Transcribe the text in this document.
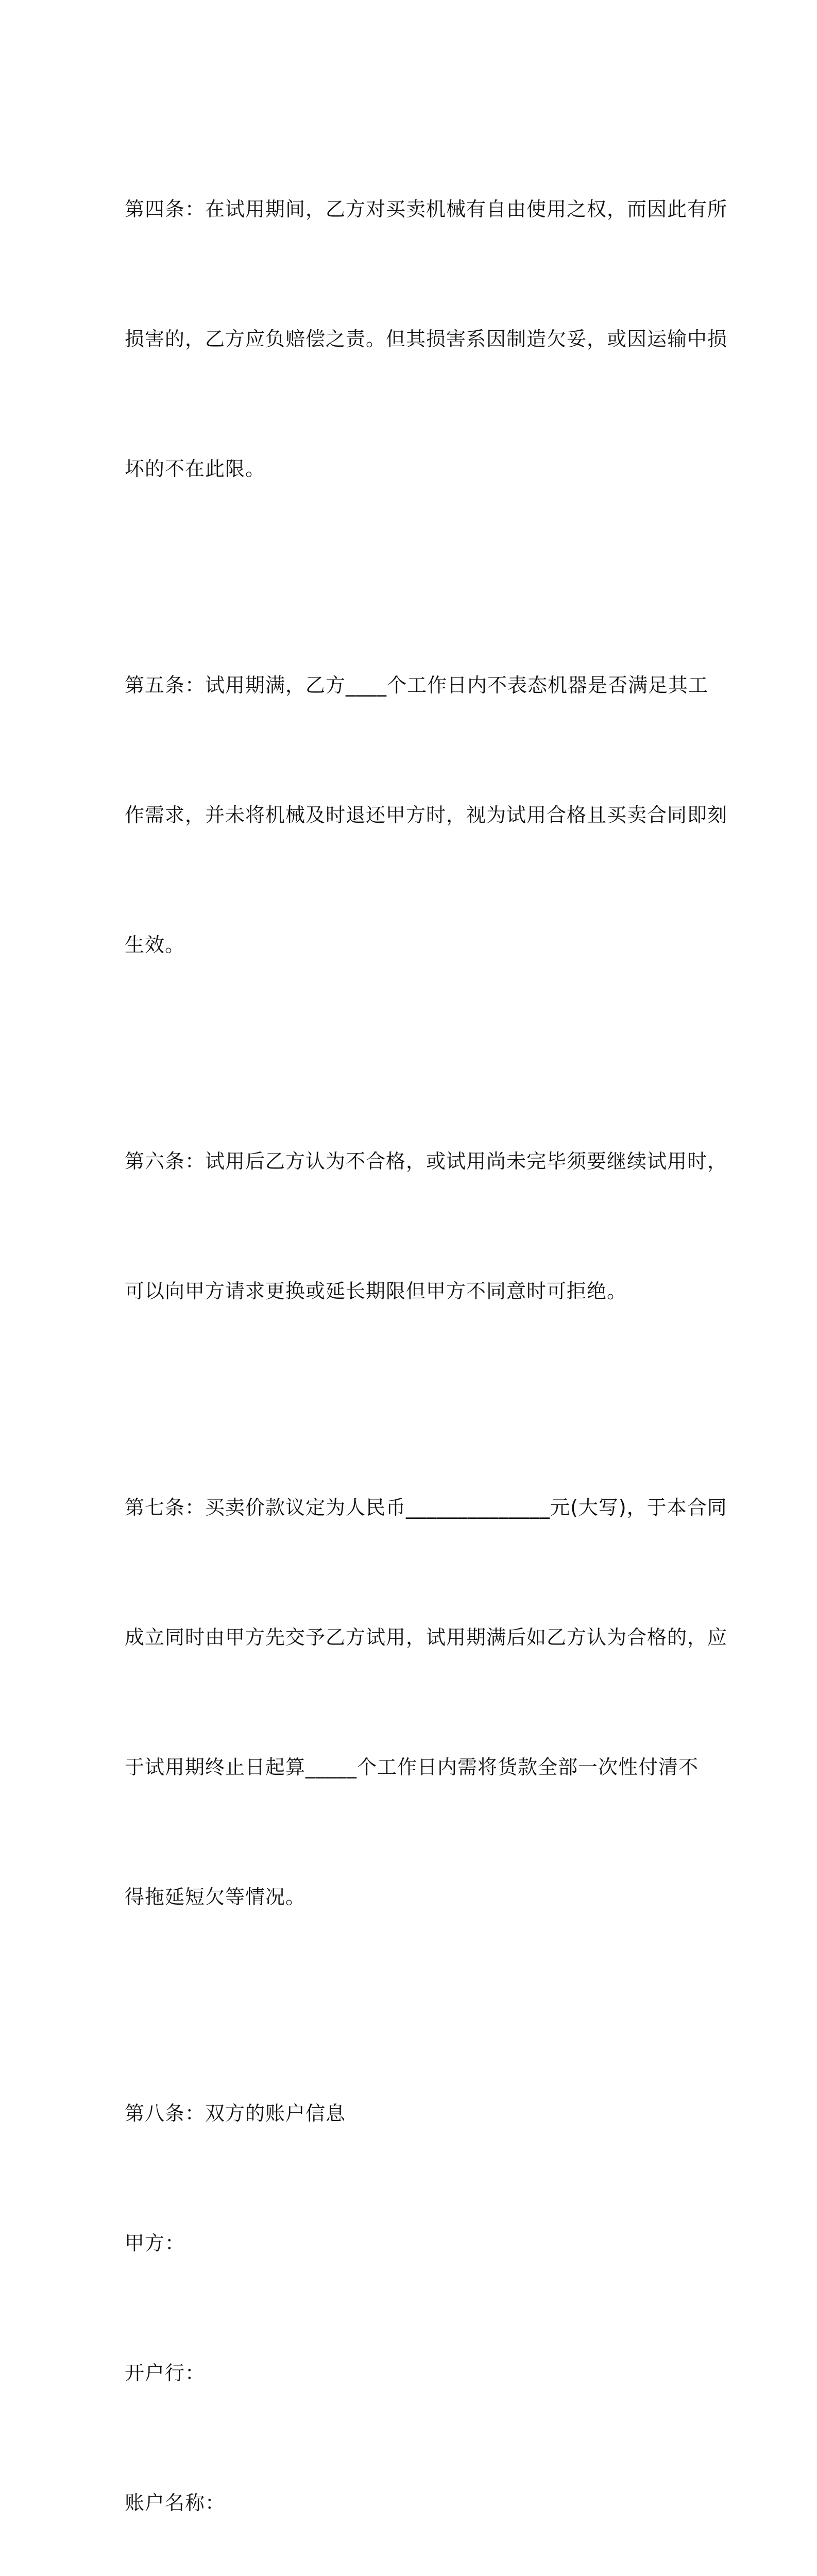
第四条：在试用期间，乙方对买卖机械有自由使用之权，而因此有所

损害的，乙方应负赔偿之责。但其损害系因制造欠妥，或因运输中损

坏的不在此限。

第五条：试用期满，乙方____个工作日内不表态机器是否满足其工

作需求，并未将机械及时退还甲方时，视为试用合格且买卖合同即刻

生效。

第六条：试用后乙方认为不合格，或试用尚未完毕须要继续试用时，

可以向甲方请求更换或延长期限但甲方不同意时可拒绝。

第七条：买卖价款议定为人民币______________元(大写)，于本合同

成立同时由甲方先交予乙方试用，试用期满后如乙方认为合格的，应

于试用期终止日起算_____个工作日内需将货款全部一次性付清不

得拖延短欠等情况。

第八条：双方的账户信息

甲方：

开户行：

账户名称：
